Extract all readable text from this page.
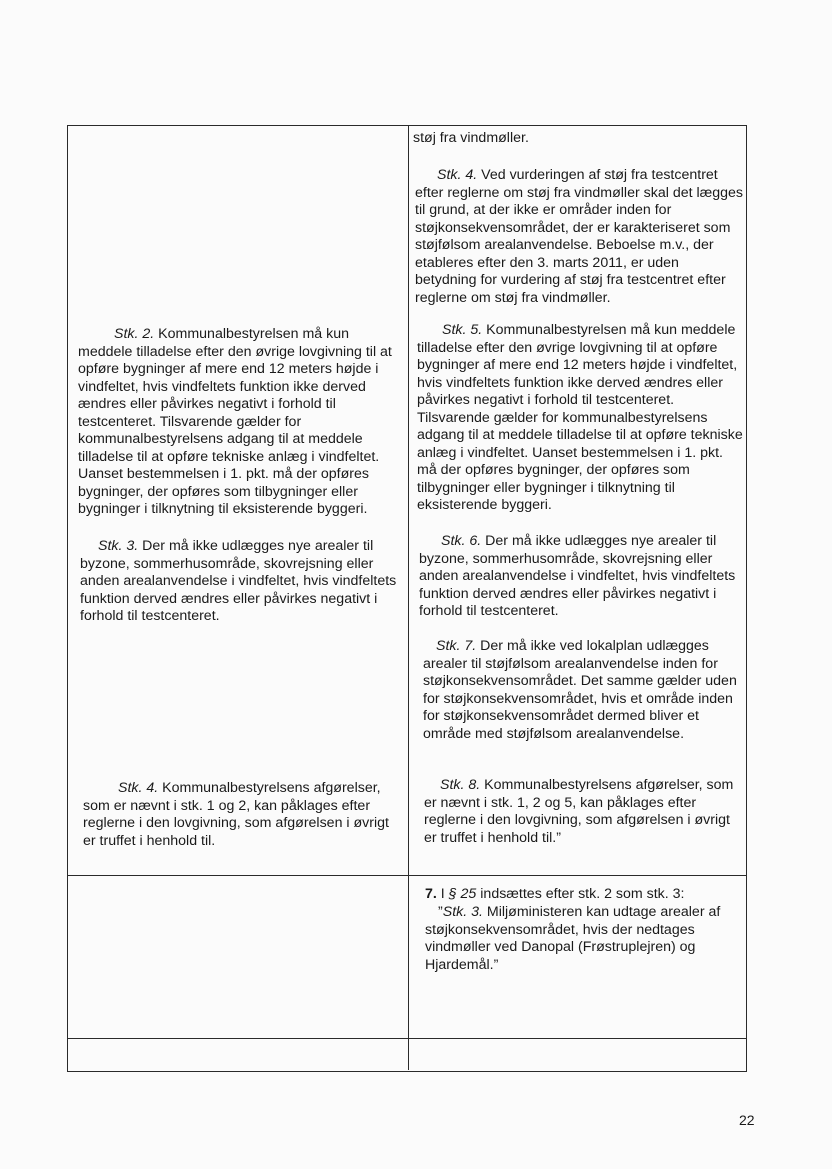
støj fra vindmøller.

Stk. 4. Ved vurderingen af støj fra testcentret efter reglerne om støj fra vindmøller skal det lægges til grund, at der ikke er områder inden for støjkonsekvensområdet, der er karakteriseret som støjfølsom arealanvendelse. Beboelse m.v., der etableres efter den 3. marts 2011, er uden betydning for vurdering af støj fra testcentret efter reglerne om støj fra vindmøller.

Stk. 5. Kommunalbestyrelsen må kun meddele tilladelse efter den øvrige lovgivning til at opføre bygninger af mere end 12 meters højde i vindfeltet, hvis vindfeltets funktion ikke derved ændres eller påvirkes negativt i forhold til testcenteret. Tilsvarende gælder for kommunalbestyrelsens adgang til at meddele tilladelse til at opføre tekniske anlæg i vindfeltet. Uanset bestemmelsen i 1. pkt. må der opføres bygninger, der opføres som tilbygninger eller bygninger i tilknytning til eksisterende byggeri.

Stk. 6. Der må ikke udlægges nye arealer til byzone, sommerhusområde, skovrejsning eller anden arealanvendelse i vindfeltet, hvis vindfeltets funktion derved ændres eller påvirkes negativt i forhold til testcenteret.

Stk. 7. Der må ikke ved lokalplan udlægges arealer til støjfølsom arealanvendelse inden for støjkonsekvensområdet. Det samme gælder uden for støjkonsekvensområdet, hvis et område inden for støjkonsekvensområdet dermed bliver et område med støjfølsom arealanvendelse.

Stk. 8. Kommunalbestyrelsens afgørelser, som er nævnt i stk. 1, 2 og 5, kan påklages efter reglerne i den lovgivning, som afgørelsen i øvrigt er truffet i henhold til.”

7. I § 25 indsættes efter stk. 2 som stk. 3:

”Stk. 3. Miljøministeren kan udtage arealer af støjkonsekvensområdet, hvis der nedtages vindmøller ved Danopal (Frøstruplejren) og Hjardemål.”

Stk. 2. Kommunalbestyrelsen må kun meddele tilladelse efter den øvrige lovgivning til at opføre bygninger af mere end 12 meters højde i vindfeltet, hvis vindfeltets funktion ikke derved ændres eller påvirkes negativt i forhold til testcenteret. Tilsvarende gælder for kommunalbestyrelsens adgang til at meddele tilladelse til at opføre tekniske anlæg i vindfeltet. Uanset bestemmelsen i 1. pkt. må der opføres bygninger, der opføres som tilbygninger eller bygninger i tilknytning til eksisterende byggeri.

Stk. 3. Der må ikke udlægges nye arealer til byzone, sommerhusområde, skovrejsning eller anden arealanvendelse i vindfeltet, hvis vindfeltets funktion derved ændres eller påvirkes negativt i forhold til testcenteret.

Stk. 4. Kommunalbestyrelsens afgørelser, som er nævnt i stk. 1 og 2, kan påklages efter reglerne i den lovgivning, som afgørelsen i øvrigt er truffet i henhold til.

22
